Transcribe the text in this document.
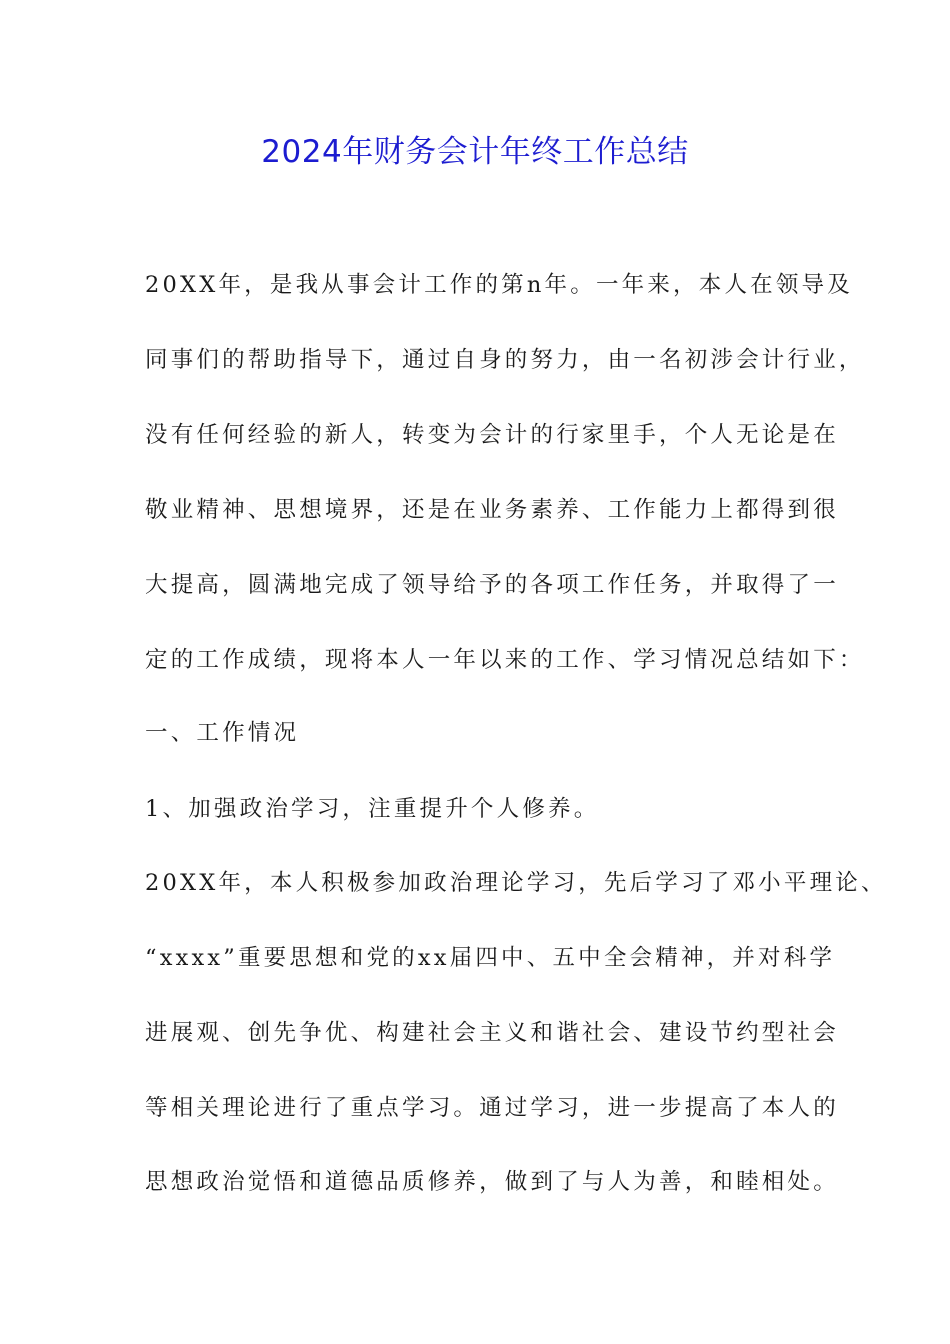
2024年财务会计年终工作总结
20XX年，是我从事会计工作的第n年。一年来，本人在领导及
同事们的帮助指导下，通过自身的努力，由一名初涉会计行业，
没有任何经验的新人，转变为会计的行家里手，个人无论是在
敬业精神、思想境界，还是在业务素养、工作能力上都得到很
大提高，圆满地完成了领导给予的各项工作任务，并取得了一
定的工作成绩，现将本人一年以来的工作、学习情况总结如下：
一、工作情况
1、加强政治学习，注重提升个人修养。
20XX年，本人积极参加政治理论学习，先后学习了邓小平理论、
“xxxx”重要思想和党的xx届四中、五中全会精神，并对科学
进展观、创先争优、构建社会主义和谐社会、建设节约型社会
等相关理论进行了重点学习。通过学习，进一步提高了本人的
思想政治觉悟和道德品质修养，做到了与人为善，和睦相处。
